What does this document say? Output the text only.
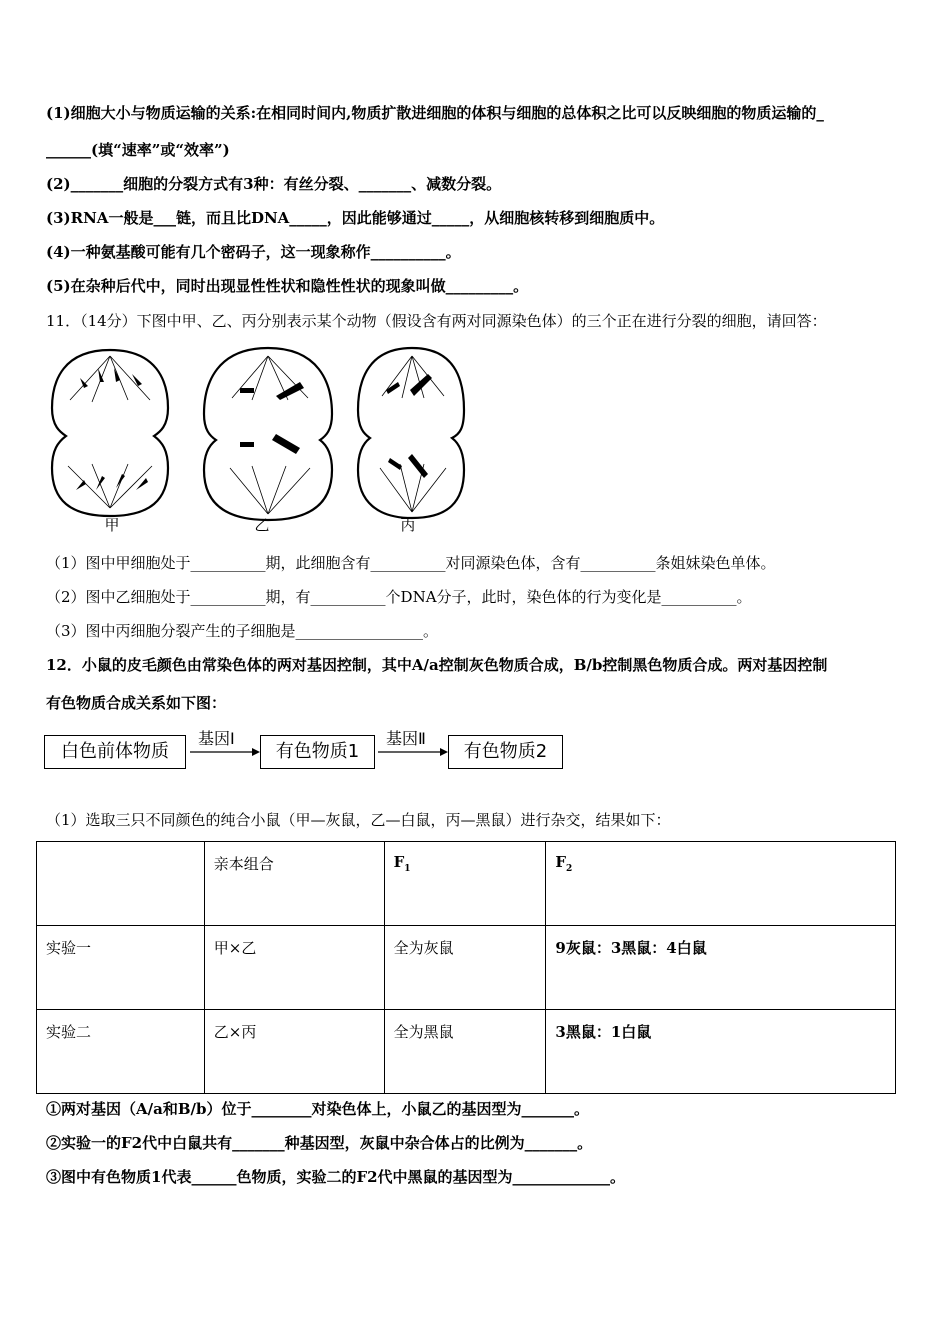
(1)细胞大小与物质运输的关系:在相同时间内,物质扩散进细胞的体积与细胞的总体积之比可以反映细胞的物质运输的_
______(填“速率”或“效率”)
(2)_______细胞的分裂方式有3种：有丝分裂、_______、减数分裂。
(3)RNA一般是___链，而且比DNA_____，因此能够通过_____，从细胞核转移到细胞质中。
(4)一种氨基酸可能有几个密码子，这一现象称作__________。
(5)在杂种后代中，同时出现显性性状和隐性性状的现象叫做_________。
11．（14分）下图中甲、乙、丙分别表示某个动物（假设含有两对同源染色体）的三个正在进行分裂的细胞，请回答：
甲	乙	丙
（1）图中甲细胞处于__________期，此细胞含有__________对同源染色体，含有__________条姐妹染色单体。
（2）图中乙细胞处于__________期，有__________个DNA分子，此时，染色体的行为变化是__________。
（3）图中丙细胞分裂产生的子细胞是_________________。
12．小鼠的皮毛颜色由常染色体的两对基因控制，其中A/a控制灰色物质合成，B/b控制黑色物质合成。两对基因控制
有色物质合成关系如下图：
白色前体物质
基因Ⅰ
有色物质1
基因Ⅱ
有色物质2
（1）选取三只不同颜色的纯合小鼠（甲—灰鼠，乙—白鼠，丙—黑鼠）进行杂交，结果如下：
	亲本组合	$F_1$	$F_2$
实验一	甲×乙	全为灰鼠	9灰鼠：3黑鼠：4白鼠
实验二	乙×丙	全为黑鼠	3黑鼠：1白鼠
①两对基因（A/a和B/b）位于________对染色体上，小鼠乙的基因型为_______。
②实验一的F2代中白鼠共有_______种基因型，灰鼠中杂合体占的比例为_______。
③图中有色物质1代表______色物质，实验二的F2代中黑鼠的基因型为_____________。
